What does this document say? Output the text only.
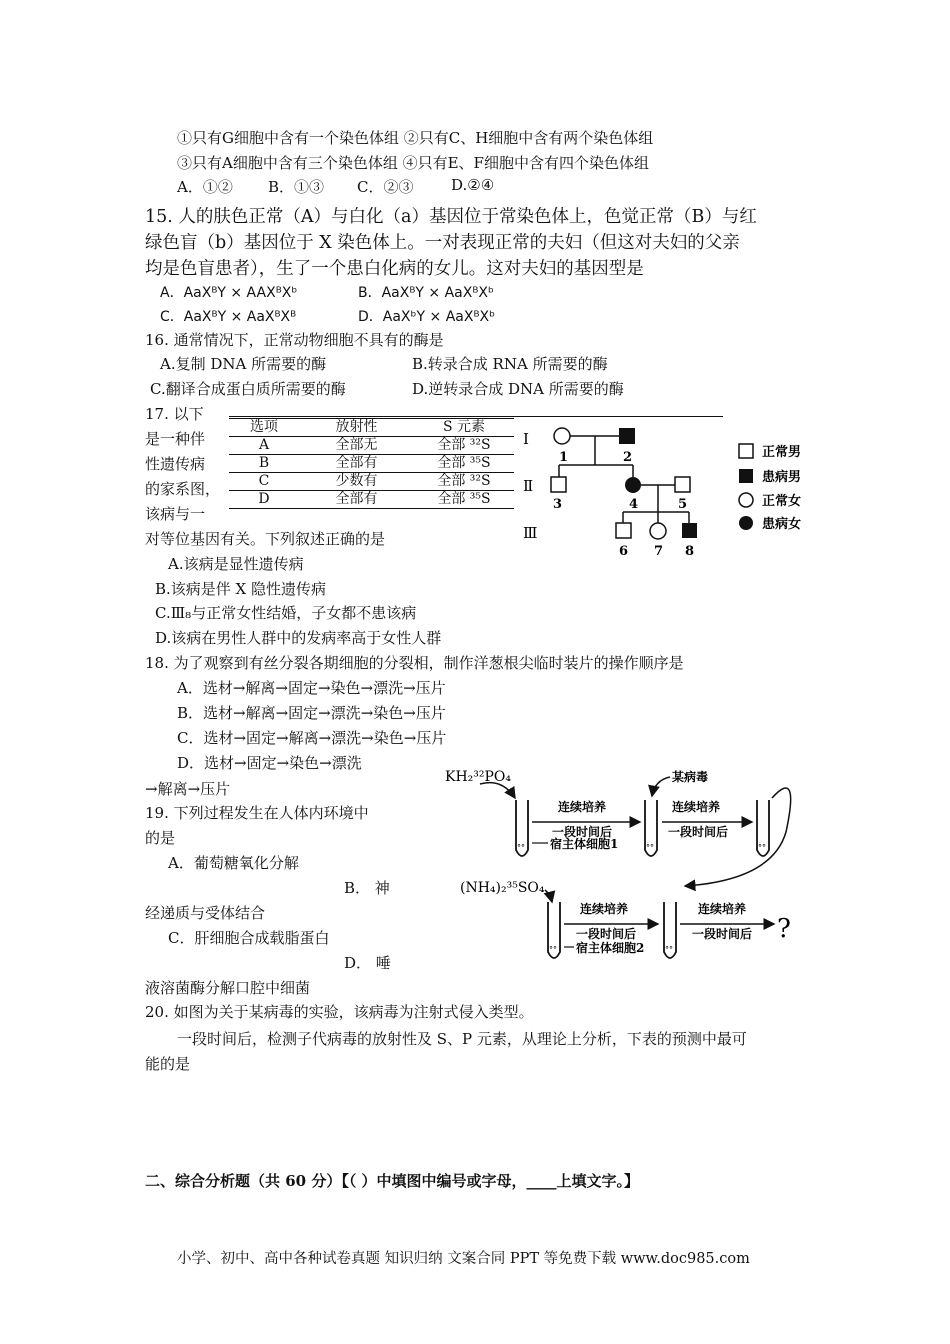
①只有G细胞中含有一个染色体组 ②只有C、H细胞中含有两个染色体组
③只有A细胞中含有三个染色体组 ④只有E、F细胞中含有四个染色体组
A．①② B．①③ C．②③	D.②④
15. 人的肤色正常（A）与白化（a）基因位于常染色体上，色觉正常（B）与红
绿色盲（b）基因位于 X 染色体上。一对表现正常的夫妇（但这对夫妇的父亲
均是色盲患者），生了一个患白化病的女儿。这对夫妇的基因型是
A．AaXᴮY × AAXᴮXᵇ	B．AaXᴮY × AaXᴮXᵇ
C．AaXᴮY × AaXᴮXᴮ	D．AaXᵇY × AaXᴮXᵇ
16. 通常情况下，正常动物细胞不具有的酶是
A.复制 DNA 所需要的酶	B.转录合成 RNA 所需要的酶
C.翻译合成蛋白质所需要的酶	D.逆转录合成 DNA 所需要的酶
17. 以下
是一种伴
性遗传病
的家系图，
该病与一
对等位基因有关。下列叙述正确的是
A.该病是显性遗传病
B.该病是伴 X 隐性遗传病
C.Ⅲ₈与正常女性结婚，子女都不患该病
D.该病在男性人群中的发病率高于女性人群
选项	放射性	S 元素
A	全部无	全部 ³²S
B	全部有	全部 ³⁵S
C	少数有	全部 ³²S
D	全部有	全部 ³⁵S
Ⅰ
Ⅱ
Ⅲ
1	2
3	4	5
6 7 8
正常男
患病男
正常女
患病女
18. 为了观察到有丝分裂各期细胞的分裂相，制作洋葱根尖临时装片的操作顺序是
A．选材→解离→固定→染色→漂洗→压片
B．选材→解离→固定→漂洗→染色→压片
C．选材→固定→解离→漂洗→染色→压片
D．选材→固定→染色→漂洗
→解离→压片
19. 下列过程发生在人体内环境中
的是
A．葡萄糖氧化分解
B． 神
经递质与受体结合
C．肝细胞合成载脂蛋白
D． 唾
液溶菌酶分解口腔中细菌
KH₂³²PO₄
°°
连续培养
一段时间后
宿主体细胞1	°°
某病毒
连续培养
一段时间后
°°
(NH₄)₂³⁵SO₄
°°
连续培养
一段时间后
宿主体细胞2	°°
连续培养
一段时间后 ?
20. 如图为关于某病毒的实验，该病毒为注射式侵入类型。
一段时间后，检测子代病毒的放射性及 S、P 元素，从理论上分析，下表的预测中最可
能的是
二、综合分析题（共 60 分）【（ ）中填图中编号或字母，____上填文字。】
小学、初中、高中各种试卷真题 知识归纳 文案合同 PPT 等免费下载 www.doc985.com
